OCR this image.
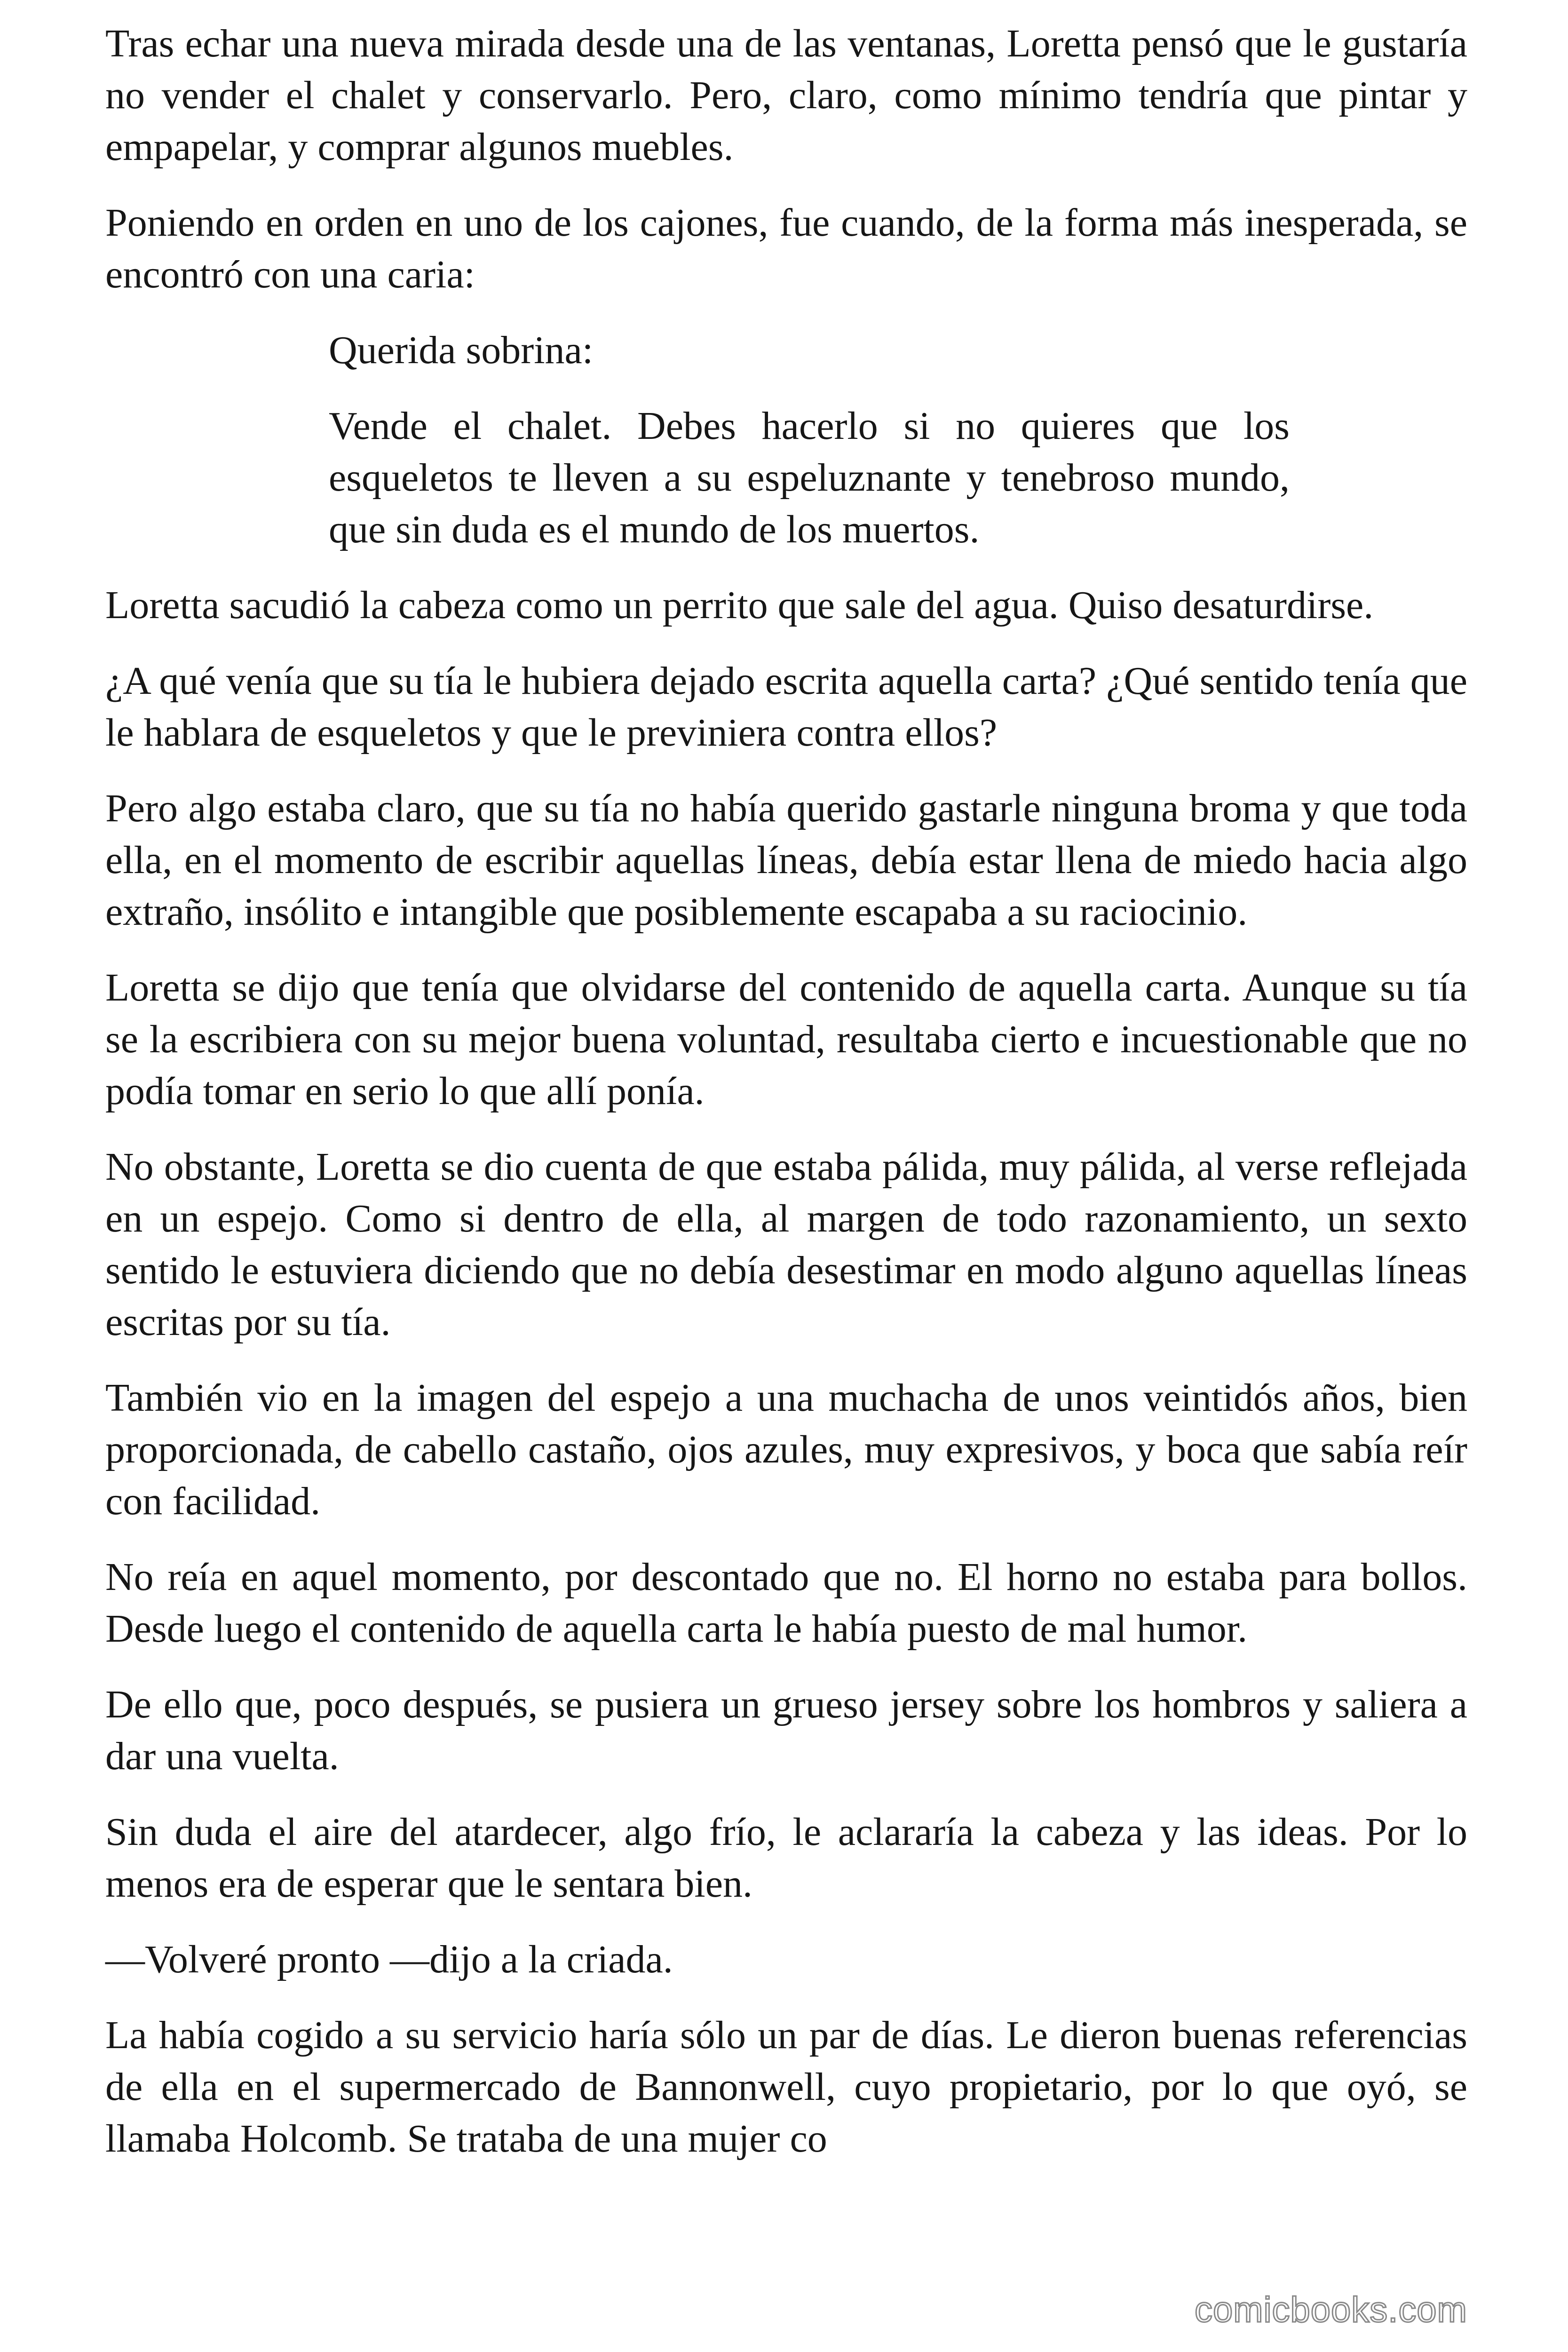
Tras echar una nueva mirada desde una de las ventanas, Loretta pensó que le gustaría no vender el chalet y conservarlo. Pero, claro, como mínimo tendría que pintar y empapelar, y comprar algunos muebles.

Poniendo en orden en uno de los cajones, fue cuando, de la forma más inesperada, se encontró con una caria:

Querida sobrina:

Vende el chalet. Debes hacerlo si no quieres que los esqueletos te lleven a su espeluznante y tenebroso mundo, que sin duda es el mundo de los muertos.

Loretta sacudió la cabeza como un perrito que sale del agua. Quiso desaturdirse.

¿A qué venía que su tía le hubiera dejado escrita aquella carta? ¿Qué sentido tenía que le hablara de esqueletos y que le previniera contra ellos?

Pero algo estaba claro, que su tía no había querido gastarle ninguna broma y que toda ella, en el momento de escribir aquellas líneas, debía estar llena de miedo hacia algo extraño, insólito e intangible que posiblemente escapaba a su raciocinio.

Loretta se dijo que tenía que olvidarse del contenido de aquella carta. Aunque su tía se la escribiera con su mejor buena voluntad, resultaba cierto e incuestionable que no podía tomar en serio lo que allí ponía.

No obstante, Loretta se dio cuenta de que estaba pálida, muy pálida, al verse reflejada en un espejo. Como si dentro de ella, al margen de todo razonamiento, un sexto sentido le estuviera diciendo que no debía desestimar en modo alguno aquellas líneas escritas por su tía.

También vio en la imagen del espejo a una muchacha de unos veintidós años, bien proporcionada, de cabello castaño, ojos azules, muy expresivos, y boca que sabía reír con facilidad.

No reía en aquel momento, por descontado que no. El horno no estaba para bollos. Desde luego el contenido de aquella carta le había puesto de mal humor.

De ello que, poco después, se pusiera un grueso jersey sobre los hombros y saliera a dar una vuelta.

Sin duda el aire del atardecer, algo frío, le aclararía la cabeza y las ideas. Por lo menos era de esperar que le sentara bien.

—Volveré pronto —dijo a la criada.

La había cogido a su servicio haría sólo un par de días. Le dieron buenas referencias de ella en el supermercado de Bannonwell, cuyo propietario, por lo que oyó, se llamaba Holcomb. Se trataba de una mujer co

comicbooks.com
